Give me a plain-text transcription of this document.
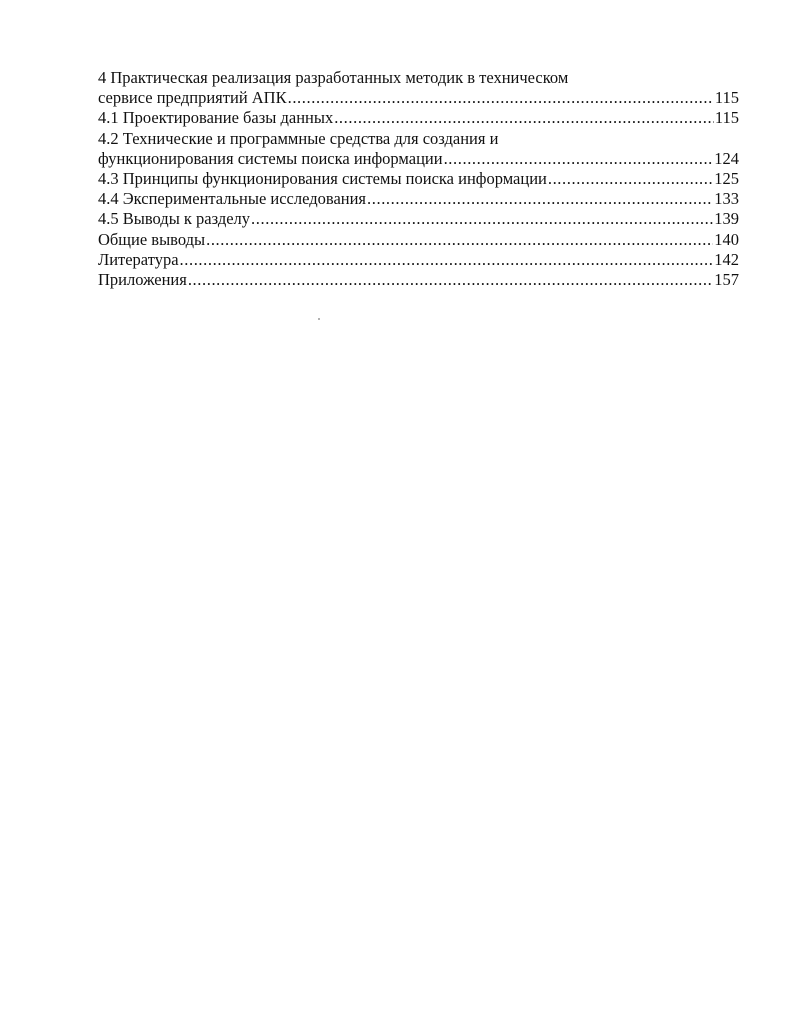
4 Практическая реализация разработанных методик в техническом
сервисе предприятий АПК .....	115
4.1 Проектирование базы данных .....	115
4.2 Технические и программные средства для создания и
функционирования системы поиска информации .....	124
4.3 Принципы функционирования системы поиска информации .....	125
4.4 Экспериментальные исследования .....	133
4.5 Выводы к разделу .....	139
Общие выводы .....	140
Литература .....	142
Приложения .....	157
